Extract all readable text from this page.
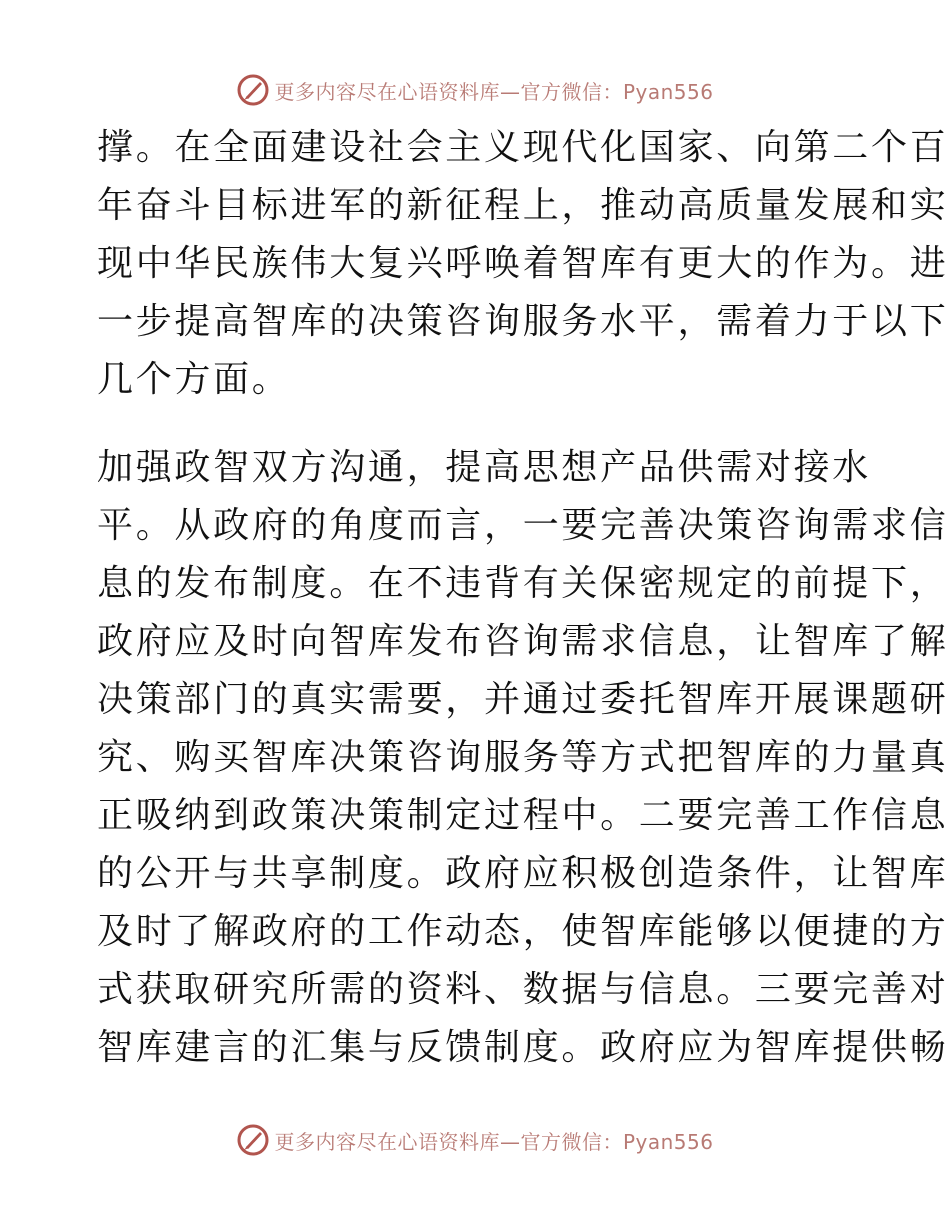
更多内容尽在心语资料库—官方微信：Pyan556
撑。在全面建设社会主义现代化国家、向第二个百
年奋斗目标进军的新征程上，推动高质量发展和实
现中华民族伟大复兴呼唤着智库有更大的作为。进
一步提高智库的决策咨询服务水平，需着力于以下
几个方面。
加强政智双方沟通，提高思想产品供需对接水
平。从政府的角度而言，一要完善决策咨询需求信
息的发布制度。在不违背有关保密规定的前提下，
政府应及时向智库发布咨询需求信息，让智库了解
决策部门的真实需要，并通过委托智库开展课题研
究、购买智库决策咨询服务等方式把智库的力量真
正吸纳到政策决策制定过程中。二要完善工作信息
的公开与共享制度。政府应积极创造条件，让智库
及时了解政府的工作动态，使智库能够以便捷的方
式获取研究所需的资料、数据与信息。三要完善对
智库建言的汇集与反馈制度。政府应为智库提供畅
更多内容尽在心语资料库—官方微信：Pyan556
